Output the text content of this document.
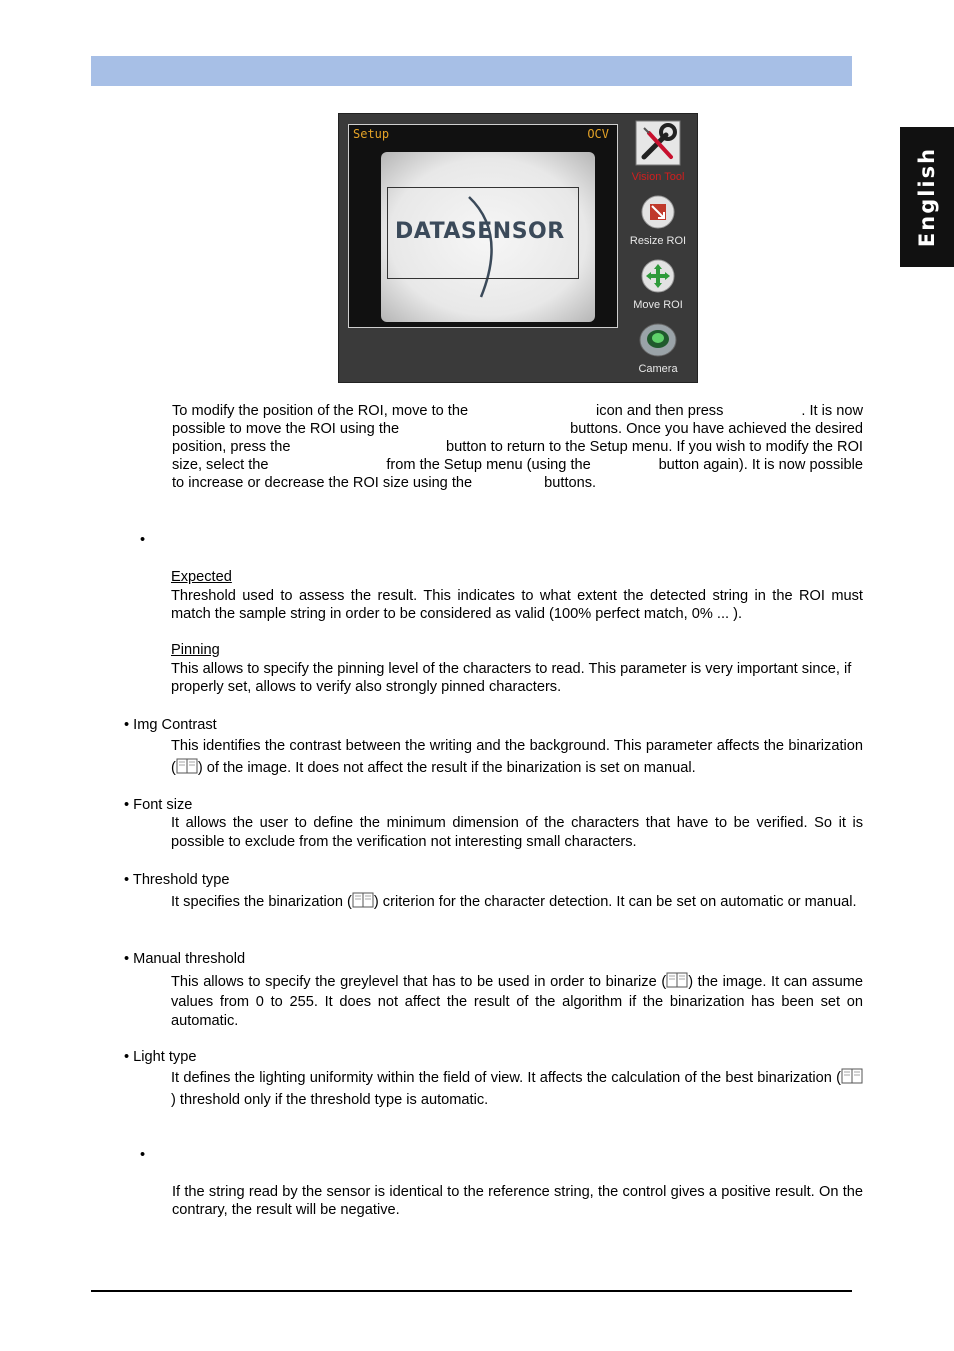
English
Setup	OCV
DATASENSOR
Vision Tool
Resize ROI
Move ROI
Camera
To modify the position of the ROI, move to the	icon and then press	. It is now
possible to move the ROI using the	buttons. Once you have achieved the desired
position, press the	button to return to the Setup menu. If you wish to modify the ROI
size, select the	from the Setup menu (using the	button again). It is now possible
to increase or decrease the ROI size using the	buttons.
•
Expected
Threshold used to assess the result. This indicates to what extent the detected string in the ROI must match the sample string in order to be considered as valid (100% perfect match, 0% ... ).
Pinning
This allows to specify the pinning level of the characters to read. This parameter is very important since, if properly set, allows to verify also strongly pinned characters.
• Img Contrast
This identifies the contrast between the writing and the background. This parameter affects the binarization ( ) of the image. It does not affect the result if the binarization is set on manual.
• Font size
It allows the user to define the minimum dimension of the characters that have to be verified. So it is possible to exclude from the verification not interesting small characters.
• Threshold type
It specifies the binarization ( ) criterion for the character detection. It can be set on automatic or manual.
• Manual threshold
This allows to specify the greylevel that has to be used in order to binarize ( ) the image. It can assume values from 0 to 255. It does not affect the result of the algorithm if the binarization has been set on automatic.
• Light type
It defines the lighting uniformity within the field of view. It affects the calculation of the best binarization () threshold only if the threshold type is automatic.
•
If the string read by the sensor is identical to the reference string, the control gives a positive result. On the contrary, the result will be negative.
